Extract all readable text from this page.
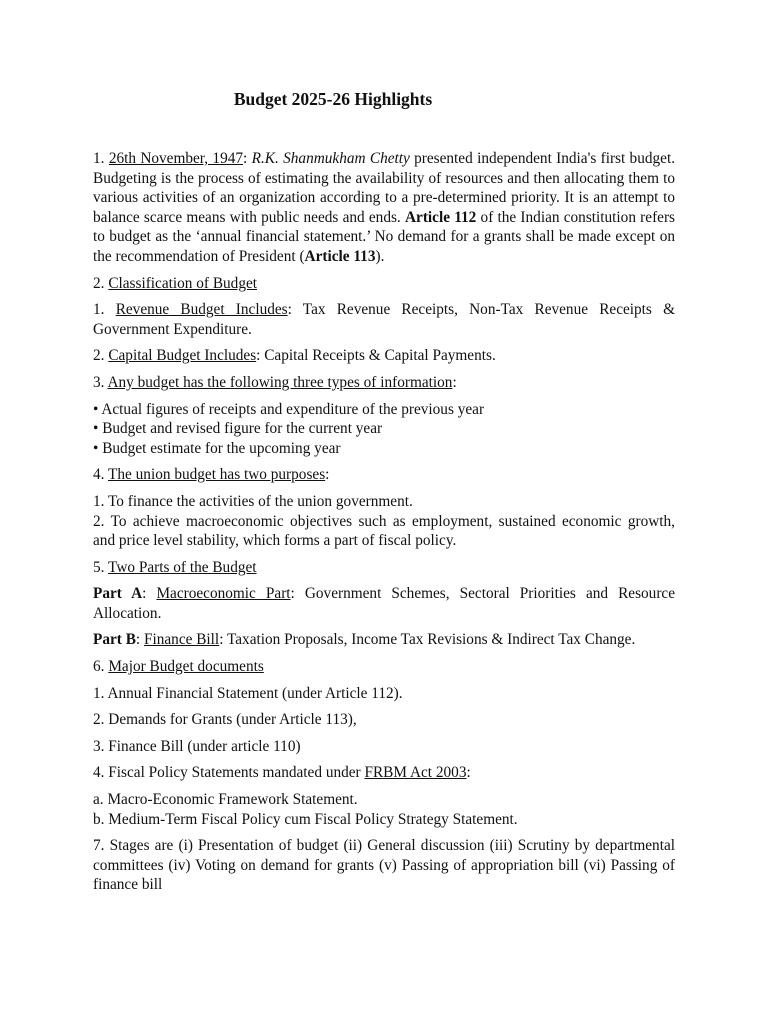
Budget 2025-26 Highlights

1. 26th November, 1947: R.K. Shanmukham Chetty presented independent India's first budget. Budgeting is the process of estimating the availability of resources and then allocating them to various activities of an organization according to a pre-determined priority. It is an attempt to balance scarce means with public needs and ends. Article 112 of the Indian constitution refers to budget as the ‘annual financial statement.’ No demand for a grants shall be made except on the recommendation of President (Article 113).

2. Classification of Budget

1. Revenue Budget Includes: Tax Revenue Receipts, Non-Tax Revenue Receipts & Government Expenditure.

2. Capital Budget Includes: Capital Receipts & Capital Payments.

3. Any budget has the following three types of information:

• Actual figures of receipts and expenditure of the previous year
• Budget and revised figure for the current year
• Budget estimate for the upcoming year

4. The union budget has two purposes:

1. To finance the activities of the union government.
2. To achieve macroeconomic objectives such as employment, sustained economic growth, and price level stability, which forms a part of fiscal policy.

5. Two Parts of the Budget

Part A: Macroeconomic Part: Government Schemes, Sectoral Priorities and Resource Allocation.

Part B: Finance Bill: Taxation Proposals, Income Tax Revisions & Indirect Tax Change.

6. Major Budget documents

1. Annual Financial Statement (under Article 112).

2. Demands for Grants (under Article 113),

3. Finance Bill (under article 110)

4. Fiscal Policy Statements mandated under FRBM Act 2003:

a. Macro-Economic Framework Statement.
b. Medium-Term Fiscal Policy cum Fiscal Policy Strategy Statement.

7. Stages are (i) Presentation of budget (ii) General discussion (iii) Scrutiny by departmental committees (iv) Voting on demand for grants (v) Passing of appropriation bill (vi) Passing of finance bill
